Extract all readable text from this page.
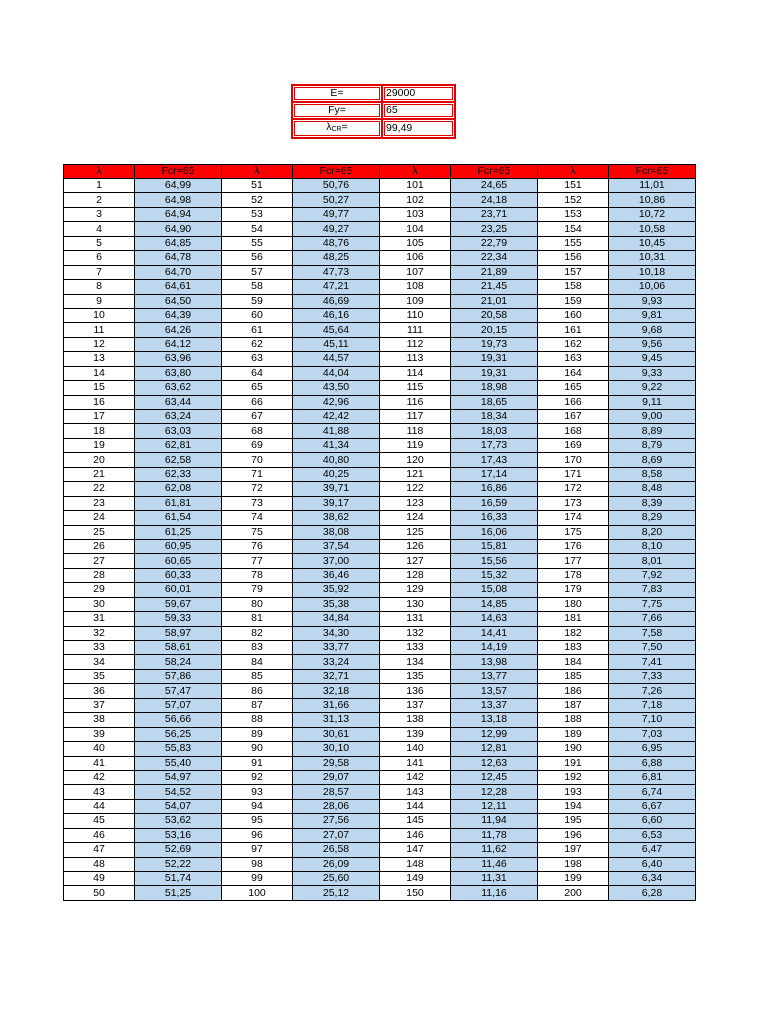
E=	29000
Fy=	65
$\lambda_{CR}=$	99,49
λ	Fcr=65	λ	Fcr=65	λ	Fcr=65	λ	Fcr=65
1	64,99	51	50,76	101	24,65	151	11,01
2	64,98	52	50,27	102	24,18	152	10,86
3	64,94	53	49,77	103	23,71	153	10,72
4	64,90	54	49,27	104	23,25	154	10,58
5	64,85	55	48,76	105	22,79	155	10,45
6	64,78	56	48,25	106	22,34	156	10,31
7	64,70	57	47,73	107	21,89	157	10,18
8	64,61	58	47,21	108	21,45	158	10,06
9	64,50	59	46,69	109	21,01	159	9,93
10	64,39	60	46,16	110	20,58	160	9,81
11	64,26	61	45,64	111	20,15	161	9,68
12	64,12	62	45,11	112	19,73	162	9,56
13	63,96	63	44,57	113	19,31	163	9,45
14	63,80	64	44,04	114	19,31	164	9,33
15	63,62	65	43,50	115	18,98	165	9,22
16	63,44	66	42,96	116	18,65	166	9,11
17	63,24	67	42,42	117	18,34	167	9,00
18	63,03	68	41,88	118	18,03	168	8,89
19	62,81	69	41,34	119	17,73	169	8,79
20	62,58	70	40,80	120	17,43	170	8,69
21	62,33	71	40,25	121	17,14	171	8,58
22	62,08	72	39,71	122	16,86	172	8,48
23	61,81	73	39,17	123	16,59	173	8,39
24	61,54	74	38,62	124	16,33	174	8,29
25	61,25	75	38,08	125	16,06	175	8,20
26	60,95	76	37,54	126	15,81	176	8,10
27	60,65	77	37,00	127	15,56	177	8,01
28	60,33	78	36,46	128	15,32	178	7,92
29	60,01	79	35,92	129	15,08	179	7,83
30	59,67	80	35,38	130	14,85	180	7,75
31	59,33	81	34,84	131	14,63	181	7,66
32	58,97	82	34,30	132	14,41	182	7,58
33	58,61	83	33,77	133	14,19	183	7,50
34	58,24	84	33,24	134	13,98	184	7,41
35	57,86	85	32,71	135	13,77	185	7,33
36	57,47	86	32,18	136	13,57	186	7,26
37	57,07	87	31,66	137	13,37	187	7,18
38	56,66	88	31,13	138	13,18	188	7,10
39	56,25	89	30,61	139	12,99	189	7,03
40	55,83	90	30,10	140	12,81	190	6,95
41	55,40	91	29,58	141	12,63	191	6,88
42	54,97	92	29,07	142	12,45	192	6,81
43	54,52	93	28,57	143	12,28	193	6,74
44	54,07	94	28,06	144	12,11	194	6,67
45	53,62	95	27,56	145	11,94	195	6,60
46	53,16	96	27,07	146	11,78	196	6,53
47	52,69	97	26,58	147	11,62	197	6,47
48	52,22	98	26,09	148	11,46	198	6,40
49	51,74	99	25,60	149	11,31	199	6,34
50	51,25	100	25,12	150	11,16	200	6,28
